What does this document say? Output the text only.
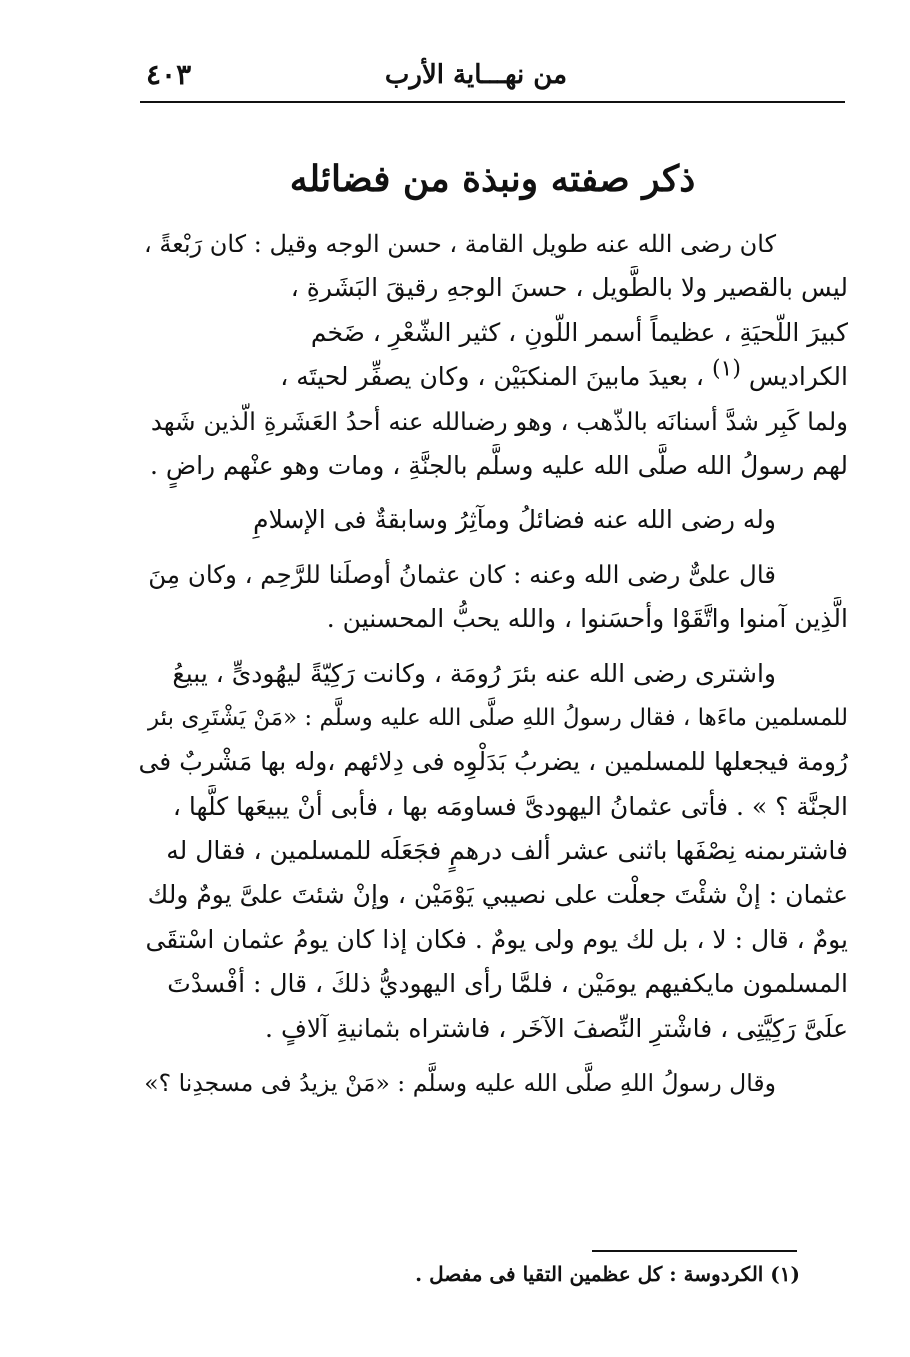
٤٠٣	من نهـــاية الأرب
ذكر صفته ونبذة من فضائله
كان رضى الله عنه طويل القامة ، حسن الوجه وقيل : كان رَبْعةً ،
ليس بالقصير ولا بالطَّويل ، حسنَ الوجهِ رقيقَ البَشَرةِ ،
كبيرَ اللّحيَةِ ، عظيماً أسمر اللّونِ ، كثير الشّعْرِ ، ضَخم
الكراديس (١) ، بعيدَ مابينَ المنكبَيْن ، وكان يصفِّر لحيتَه ،
ولما كَبِر شدَّ أسنانَه بالذّهب ، وهو رضىالله عنه أحدُ العَشَرةِ الّذين شَهد
لهم رسولُ الله صلَّى الله عليه وسلَّم بالجنَّةِ ، ومات وهو عنْهم راضٍ .
وله رضى الله عنه فضائلُ ومآثِرُ وسابقةٌ فى الإسلامِ
قال علىٌّ رضى الله وعنه : كان عثمانُ أوصلَنا للرَّحِم ، وكان مِنَ
الَّذِين آمنوا واتَّقَوْا وأحسَنوا ، والله يحبُّ المحسنين .
واشترى رضى الله عنه بئرَ رُومَة ، وكانت رَكِيّةً ليهُودىٍّ ، يبيعُ
للمسلمين ماءَها ، فقال رسولُ اللهِ صلَّى الله عليه وسلَّم : «مَنْ يَشْتَرِى بئر
رُومة فيجعلها للمسلمين ، يضربُ بَدَلْوِه فى دِلائهم ،وله بها مَشْربٌ فى
الجنَّة ؟ » . فأتى عثمانُ اليهودىَّ فساومَه بها ، فأبى أنْ يبيعَها كلَّها ،
فاشترىمنه نِصْفَها باثنى عشر ألف درهمٍ فجَعَلَه للمسلمين ، فقال له
عثمان : إنْ شئْتَ جعلْت على نصيبي يَوْمَيْن ، وإنْ شئتَ علىَّ يومٌ ولك
يومٌ ، قال : لا ، بل لك يوم ولى يومٌ . فكان إذا كان يومُ عثمان اسْتقَى
المسلمون مايكفيهم يومَيْن ، فلمَّا رأى اليهوديُّ ذلكَ ، قال : أفْسدْتَ
علَىَّ رَكِيَّتِى ، فاشْترِ النِّصفَ الآخَر ، فاشتراه بثمانيةِ آلافٍ .
وقال رسولُ اللهِ صلَّى الله عليه وسلَّم : «مَنْ يزيدُ فى مسجدِنا ؟»
(١) الكردوسة : كل عظمين التقيا فى مفصل .
